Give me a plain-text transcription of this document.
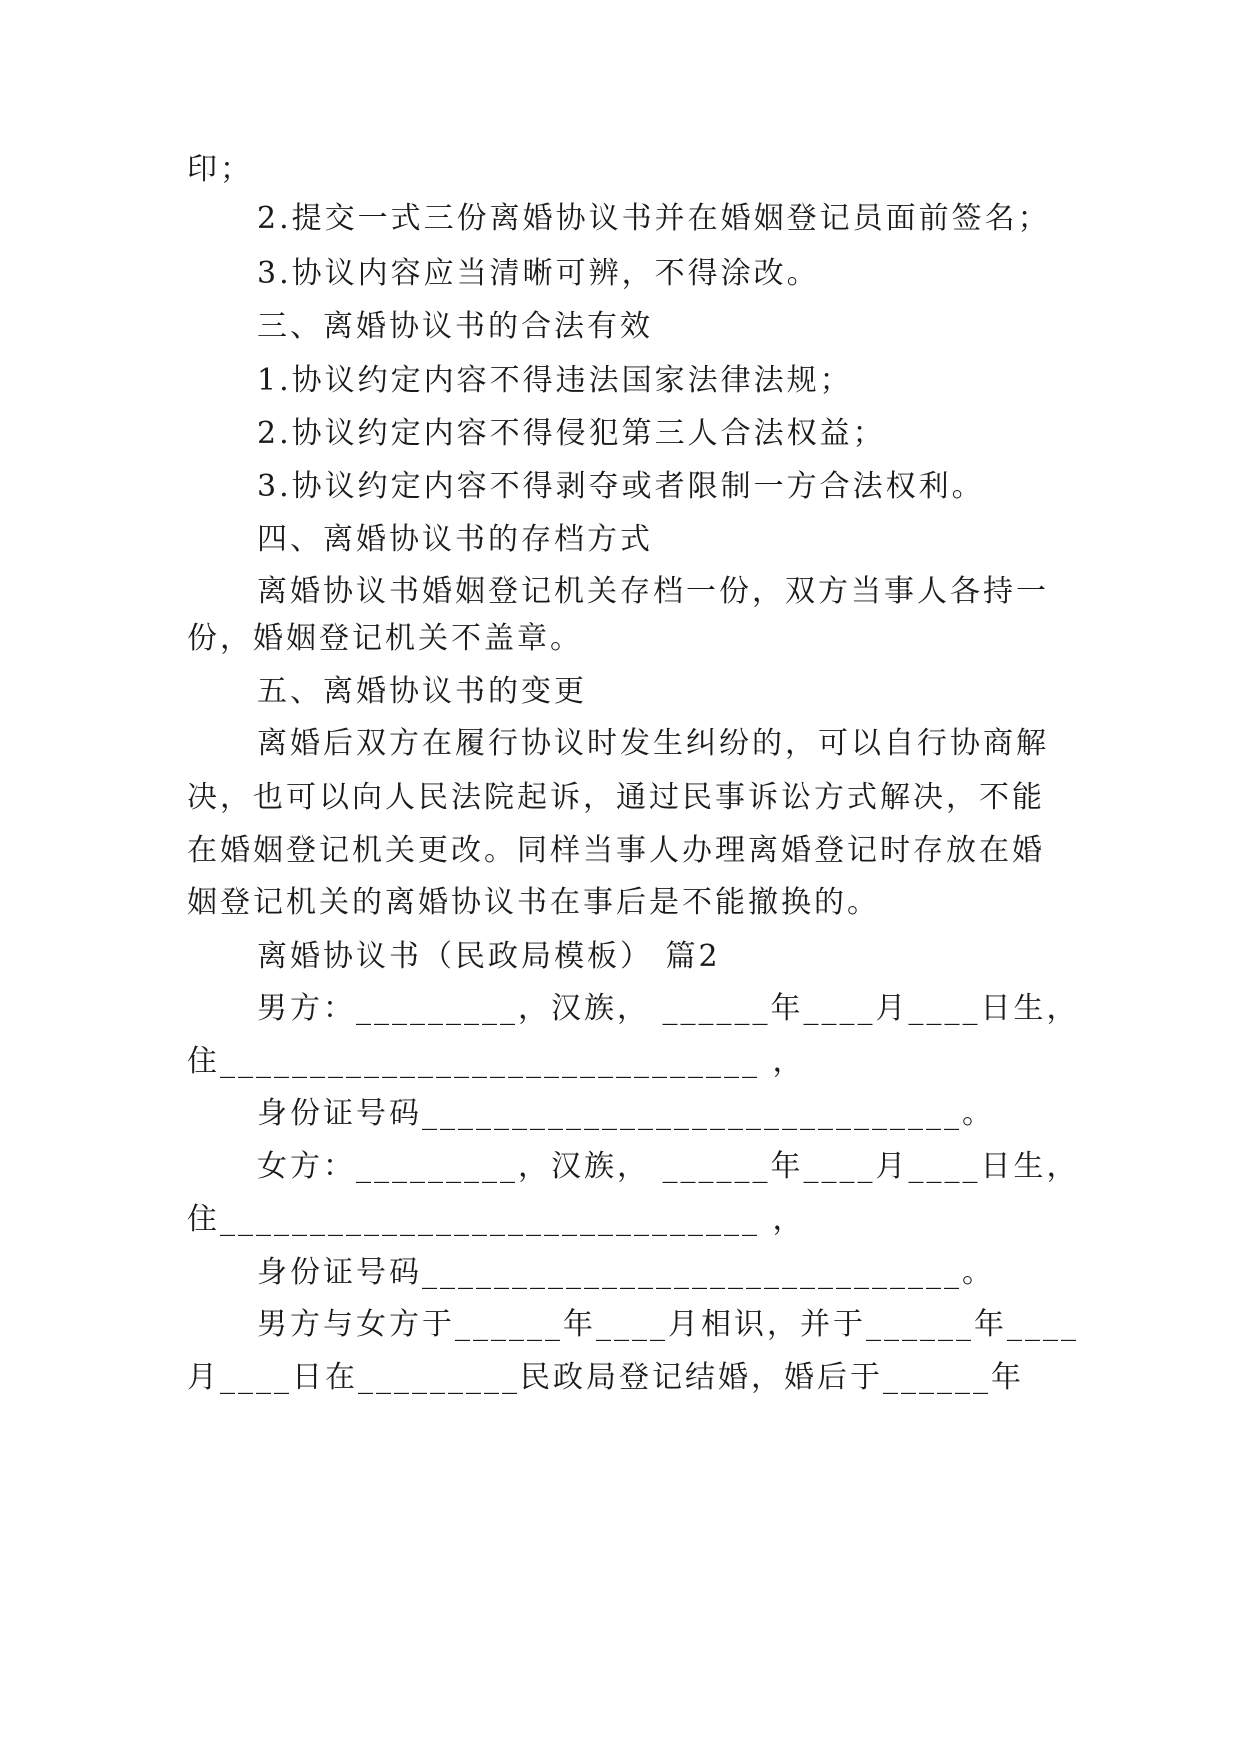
印；
2.提交一式三份离婚协议书并在婚姻登记员面前签名；
3.协议内容应当清晰可辨，不得涂改。
三、离婚协议书的合法有效
1.协议约定内容不得违法国家法律法规；
2.协议约定内容不得侵犯第三人合法权益；
3.协议约定内容不得剥夺或者限制一方合法权利。
四、离婚协议书的存档方式
离婚协议书婚姻登记机关存档一份，双方当事人各持一
份，婚姻登记机关不盖章。
五、离婚协议书的变更
离婚后双方在履行协议时发生纠纷的，可以自行协商解
决，也可以向人民法院起诉，通过民事诉讼方式解决，不能
在婚姻登记机关更改。同样当事人办理离婚登记时存放在婚
姻登记机关的离婚协议书在事后是不能撤换的。
离婚协议书（民政局模板） 篇2
男方：_________，汉族， ______年____月____日生，
住______________________________ ，
身份证号码______________________________。
女方：_________，汉族， ______年____月____日生，
住______________________________ ，
身份证号码______________________________。
男方与女方于______年____月相识，并于______年____
月____日在_________民政局登记结婚，婚后于______年
